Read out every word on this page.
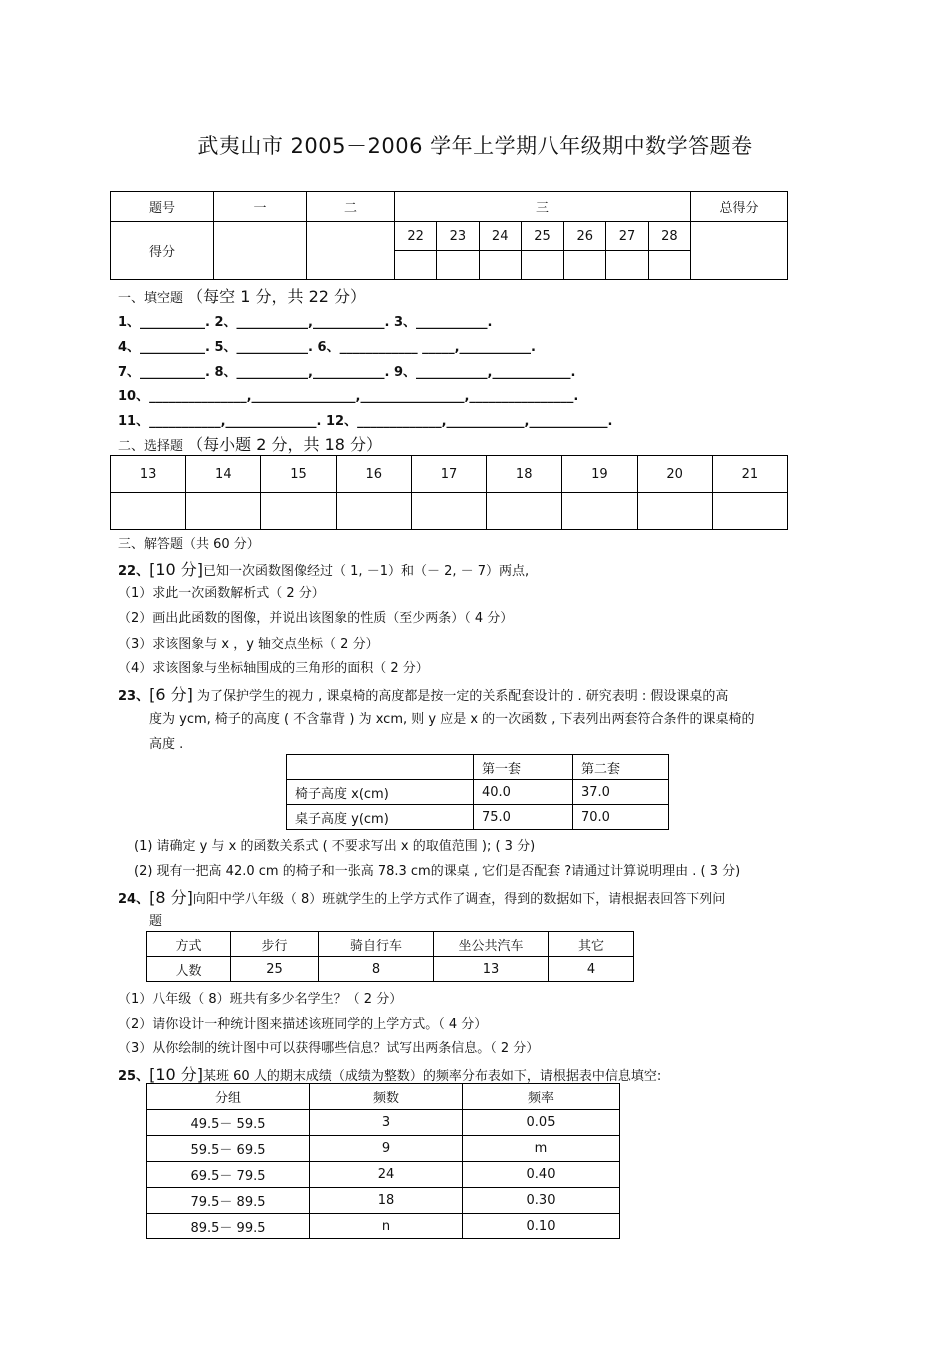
武夷山市 2005－2006 学年上学期八年级期中数学答题卷
题号	一	二	三							总得分
得分			22	23	24	25	26	27	28	

一、填空题 （每空 1 分，共 22 分）
1、__________. 2、___________,___________. 3、___________.
4、__________. 5、___________. 6、____________ _____,___________.
7、__________. 8、___________,___________. 9、___________,____________.
10、_______________,________________,________________,________________.
11、___________,______________. 12、_____________,____________,____________.
二、选择题 （每小题 2 分，共 18 分）
13	14	15	16	17	18	19	20	21

三、解答题（共 60 分）
22、[10 分]已知一次函数图像经过（ 1, －1）和（－ 2, － 7）两点,
（1）求此一次函数解析式（ 2 分）
（2）画出此函数的图像，并说出该图象的性质（至少两条）（ 4 分）
（3）求该图象与 x ，y 轴交点坐标（ 2 分）
（4）求该图象与坐标轴围成的三角形的面积（ 2 分）
23、[6 分] 为了保护学生的视力 , 课桌椅的高度都是按一定的关系配套设计的 . 研究表明 : 假设课桌的高
度为 ycm, 椅子的高度 ( 不含靠背 ) 为 xcm, 则 y 应是 x 的一次函数 , 下表列出两套符合条件的课桌椅的
高度 .
	第一套	第二套
椅子高度 x(cm)	40.0	37.0
桌子高度 y(cm)	75.0	70.0
(1) 请确定 y 与 x 的函数关系式 ( 不要求写出 x 的取值范围 ); ( 3 分)
(2) 现有一把高 42.0 cm 的椅子和一张高 78.3 cm的课桌 , 它们是否配套 ?请通过计算说明理由 . ( 3 分)
24、[8 分]向阳中学八年级（ 8）班就学生的上学方式作了调查，得到的数据如下，请根据表回答下列问
题
方式	步行	骑自行车	坐公共汽车	其它
人数	25	8	13	4
（1）八年级（ 8）班共有多少名学生？（ 2 分）
（2）请你设计一种统计图来描述该班同学的上学方式。（ 4 分）
（3）从你绘制的统计图中可以获得哪些信息？试写出两条信息。（ 2 分）
25、[10 分]某班 60 人的期末成绩（成绩为整数）的频率分布表如下，请根据表中信息填空:
分组	频数	频率
49.5－ 59.5	3	0.05
59.5－ 69.5	9	m
69.5－ 79.5	24	0.40
79.5－ 89.5	18	0.30
89.5－ 99.5	n	0.10
